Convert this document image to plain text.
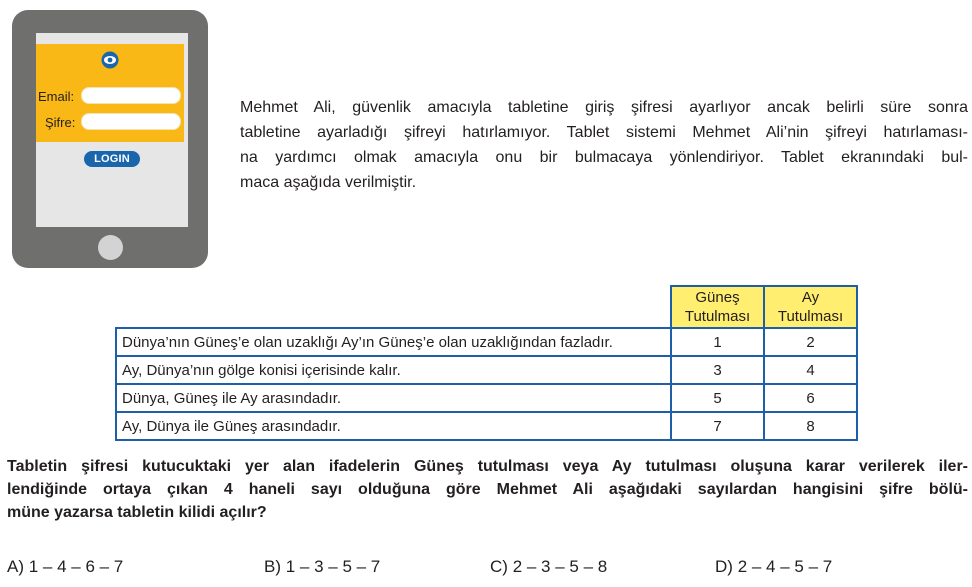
Email:
Şifre:
LOGIN

Mehmet Ali, güvenlik amacıyla tabletine giriş şifresi ayarlıyor ancak belirli süre sonra
tabletine ayarladığı şifreyi hatırlamıyor. Tablet sistemi Mehmet Ali’nin şifreyi hatırlaması-
na yardımcı olmak amacıyla onu bir bulmacaya yönlendiriyor. Tablet ekranındaki bul-
maca aşağıda verilmiştir.

	Güneş
Tutulması	Ay
Tutulması
Dünya’nın Güneş’e olan uzaklığı Ay’ın Güneş’e olan uzaklığından fazladır.	1	2
Ay, Dünya’nın gölge konisi içerisinde kalır.	3	4
Dünya, Güneş ile Ay arasındadır.	5	6
Ay, Dünya ile Güneş arasındadır.	7	8

Tabletin şifresi kutucuktaki yer alan ifadelerin Güneş tutulması veya Ay tutulması oluşuna karar verilerek iler-
lendiğinde ortaya çıkan 4 haneli sayı olduğuna göre Mehmet Ali aşağıdaki sayılardan hangisini şifre bölü-
müne yazarsa tabletin kilidi açılır?

A) 1 – 4 – 6 – 7	B) 1 – 3 – 5 – 7	C) 2 – 3 – 5 – 8	D) 2 – 4 – 5 – 7
